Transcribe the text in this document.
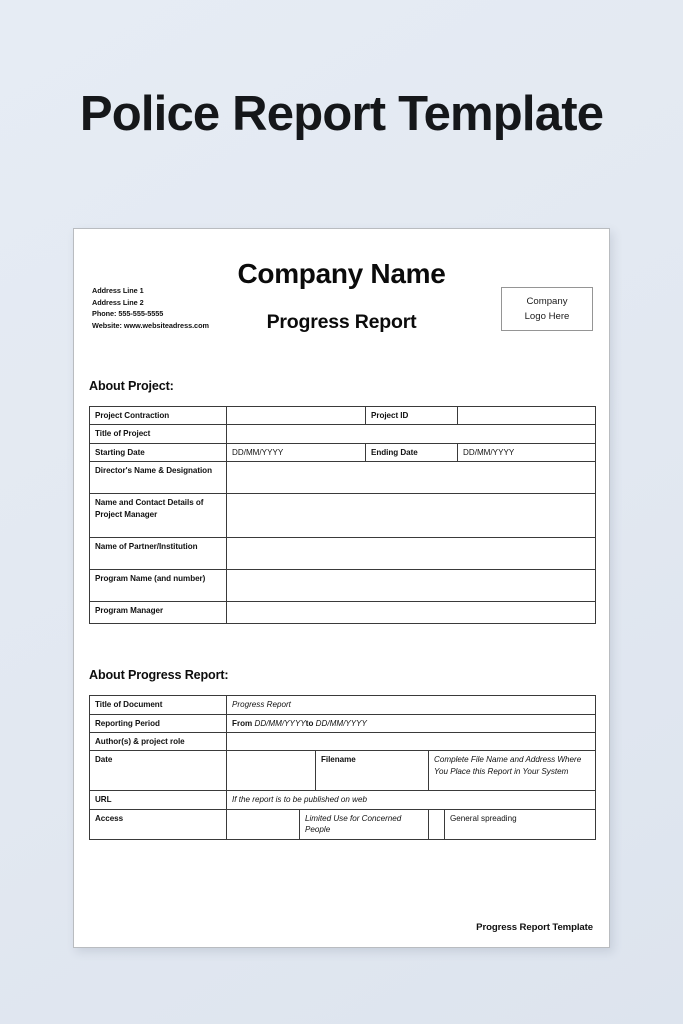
Police Report Template
Address Line 1
Address Line 2
Phone: 555-555-5555
Website: www.websiteadress.com
Company Name
Progress Report
Company
Logo Here
About Project:
Project Contraction		Project ID	
Title of Project			
Starting Date	DD/MM/YYYY	Ending Date	DD/MM/YYYY
Director's Name & Designation			
Name and Contact Details of Project Manager			
Name of Partner/Institution			
Program Name (and number)			
Program Manager			
About Progress Report:
Title of Document	Progress Report				
Reporting Period	From DD/MM/YYYYto DD/MM/YYYY				
Author(s) & project role					
Date			Filename	Complete File Name and Address Where You Place this Report in Your System	
URL	If the report is to be published on web				
Access		Limited Use for Concerned People			General spreading
Progress Report Template
